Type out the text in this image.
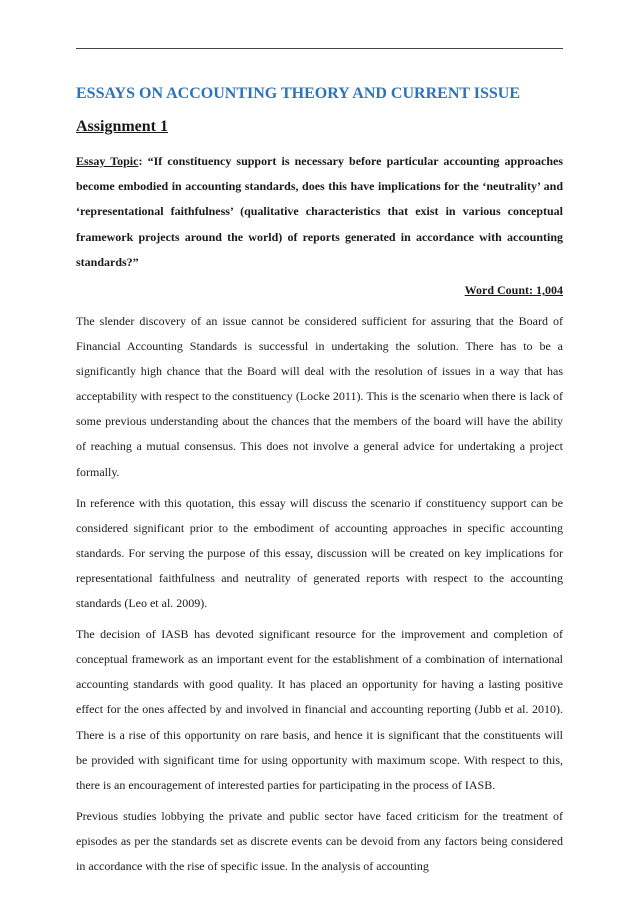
ESSAYS ON ACCOUNTING THEORY AND CURRENT ISSUE
Assignment 1

Essay Topic: “If constituency support is necessary before particular accounting approaches become embodied in accounting standards, does this have implications for the ‘neutrality’ and ‘representational faithfulness’ (qualitative characteristics that exist in various conceptual framework projects around the world) of reports generated in accordance with accounting standards?”

Word Count: 1,004

The slender discovery of an issue cannot be considered sufficient for assuring that the Board of Financial Accounting Standards is successful in undertaking the solution. There has to be a significantly high chance that the Board will deal with the resolution of issues in a way that has acceptability with respect to the constituency (Locke 2011). This is the scenario when there is lack of some previous understanding about the chances that the members of the board will have the ability of reaching a mutual consensus. This does not involve a general advice for undertaking a project formally.

In reference with this quotation, this essay will discuss the scenario if constituency support can be considered significant prior to the embodiment of accounting approaches in specific accounting standards. For serving the purpose of this essay, discussion will be created on key implications for representational faithfulness and neutrality of generated reports with respect to the accounting standards (Leo et al. 2009).

The decision of IASB has devoted significant resource for the improvement and completion of conceptual framework as an important event for the establishment of a combination of international accounting standards with good quality. It has placed an opportunity for having a lasting positive effect for the ones affected by and involved in financial and accounting reporting (Jubb et al. 2010). There is a rise of this opportunity on rare basis, and hence it is significant that the constituents will be provided with significant time for using opportunity with maximum scope. With respect to this, there is an encouragement of interested parties for participating in the process of IASB.

Previous studies lobbying the private and public sector have faced criticism for the treatment of episodes as per the standards set as discrete events can be devoid from any factors being considered in accordance with the rise of specific issue. In the analysis of accounting
